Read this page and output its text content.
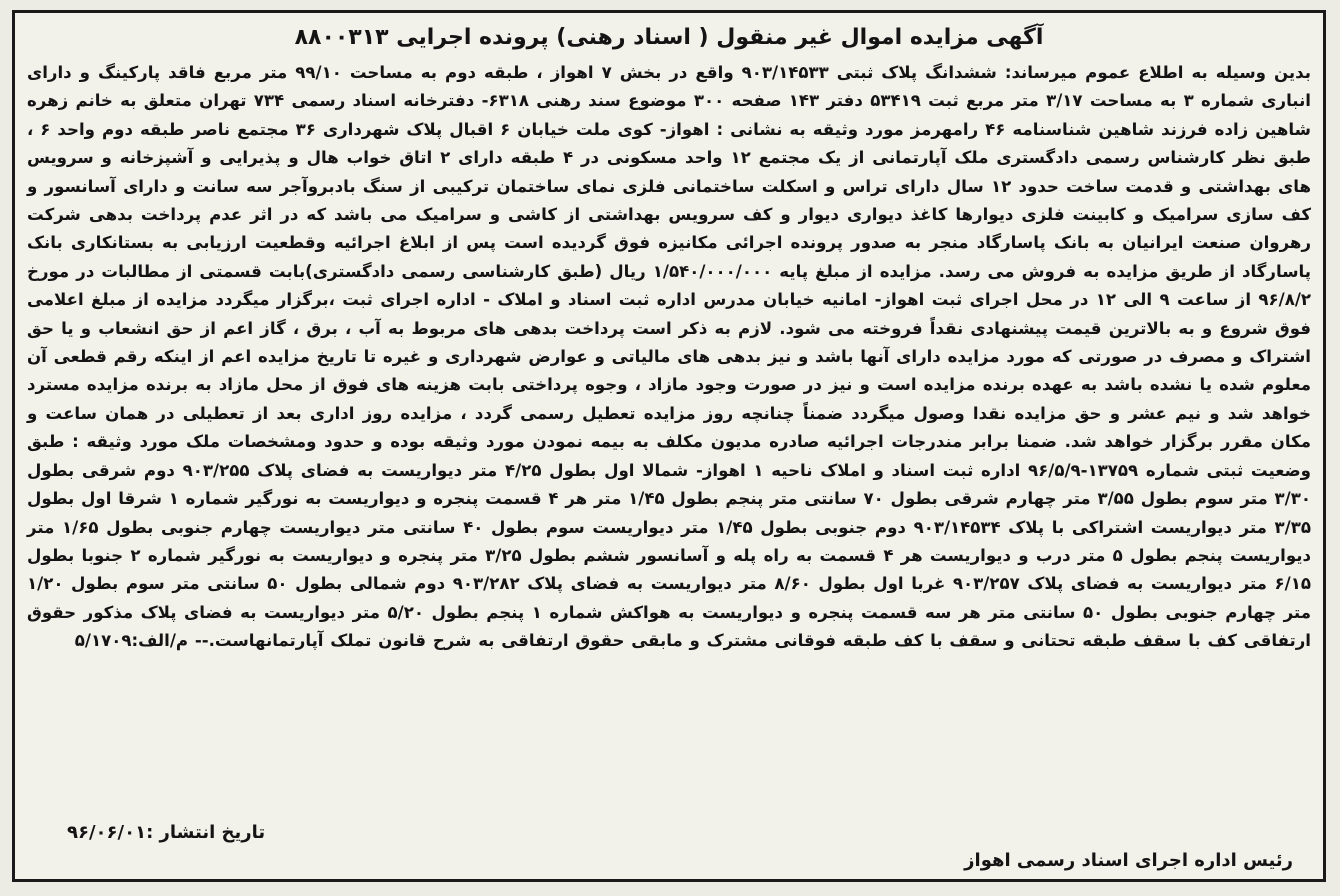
آگهی مزایده اموال غیر منقول ( اسناد رهنی) پرونده اجرایی ۸۸۰۰۳۱۳
بدین وسیله به اطلاع عموم میرساند: ششدانگ پلاک ثبتی ۹۰۳/۱۴۵۳۳ واقع در بخش ۷ اهواز ، طبقه دوم به مساحت ۹۹/۱۰ متر مربع فاقد پارکینگ و دارای انباری شماره ۳ به مساحت ۳/۱۷ متر مربع ثبت ۵۳۴۱۹ دفتر ۱۴۳ صفحه ۳۰۰ موضوع سند رهنی ۶۳۱۸- دفترخانه اسناد رسمی ۷۳۴ تهران متعلق به خانم زهره شاهین زاده فرزند شاهین شناسنامه ۴۶ رامهرمز مورد وثیقه به نشانی : اهواز- کوی ملت خیابان ۶ اقبال پلاک شهرداری ۳۶ مجتمع ناصر طبقه دوم واحد ۶ ، طبق نظر کارشناس رسمی دادگستری ملک آپارتمانی از یک مجتمع ۱۲ واحد مسکونی در ۴ طبقه دارای ۲ اتاق خواب هال و پذیرایی و آشپزخانه و سرویس های بهداشتی و قدمت ساخت حدود ۱۲ سال دارای تراس و اسکلت ساختمانی فلزی نمای ساختمان ترکیبی از سنگ بادبروآجر سه سانت و دارای آسانسور و کف سازی سرامیک و کابینت فلزی دیوارها کاغذ دیواری دیوار و کف سرویس بهداشتی از کاشی و سرامیک می باشد که در اثر عدم پرداخت بدهی شرکت رهروان صنعت ایرانیان به بانک پاسارگاد منجر به صدور پرونده اجرائی مکانیزه فوق گردیده است پس از ابلاغ اجرائیه وقطعیت ارزیابی به بستانکاری بانک پاسارگاد از طریق مزایده به فروش می رسد. مزایده از مبلغ پایه ۱/۵۴۰/۰۰۰/۰۰۰ ریال (طبق کارشناسی رسمی دادگستری)بابت قسمتی از مطالبات در مورخ ۹۶/۸/۲ از ساعت ۹ الی ۱۲ در محل اجرای ثبت اهواز- امانیه خیابان مدرس اداره ثبت اسناد و املاک - اداره اجرای ثبت ،برگزار میگردد مزایده از مبلغ اعلامی فوق شروع و به بالاترین قیمت پیشنهادی نقداً فروخته می شود. لازم به ذکر است پرداخت بدهی های مربوط به آب ، برق ، گاز اعم از حق انشعاب و یا حق اشتراک و مصرف در صورتی که مورد مزایده دارای آنها باشد و نیز بدهی های مالیاتی و عوارض شهرداری و غیره تا تاریخ مزایده اعم از اینکه رقم قطعی آن معلوم شده یا نشده باشد به عهده برنده مزایده است و نیز در صورت وجود مازاد ، وجوه پرداختی بابت هزینه های فوق از محل مازاد به برنده مزایده مسترد خواهد شد و نیم عشر و حق مزایده نقدا وصول میگردد ضمناً چنانچه روز مزایده تعطیل رسمی گردد ، مزایده روز اداری بعد از تعطیلی در همان ساعت و مکان مقرر برگزار خواهد شد. ضمنا برابر مندرجات اجرائیه صادره مدیون مکلف به بیمه نمودن مورد وثیقه بوده و حدود ومشخصات ملک مورد وثیقه : طبق وضعیت ثبتی شماره ۱۳۷۵۹-۹۶/۵/۹ اداره ثبت اسناد و املاک ناحیه ۱ اهواز- شمالا اول بطول ۴/۲۵ متر دیواریست به فضای پلاک ۹۰۳/۲۵۵ دوم شرقی بطول ۳/۳۰ متر سوم بطول ۳/۵۵ متر چهارم شرقی بطول ۷۰ سانتی متر پنجم بطول ۱/۴۵ متر هر ۴ قسمت پنجره و دیواریست به نورگیر شماره ۱ شرقا اول بطول ۳/۳۵ متر دیواریست اشتراکی با پلاک ۹۰۳/۱۴۵۳۴ دوم جنوبی بطول ۱/۴۵ متر دیواریست سوم بطول ۴۰ سانتی متر دیواریست چهارم جنوبی بطول ۱/۶۵ متر دیواریست پنجم بطول ۵ متر درب و دیواریست هر ۴ قسمت به راه پله و آسانسور ششم بطول ۳/۲۵ متر پنجره و دیواریست به نورگیر شماره ۲ جنوبا بطول ۶/۱۵ متر دیواریست به فضای پلاک ۹۰۳/۲۵۷ غربا اول بطول ۸/۶۰ متر دیواریست به فضای پلاک ۹۰۳/۲۸۲ دوم شمالی بطول ۵۰ سانتی متر سوم بطول ۱/۲۰ متر چهارم جنوبی بطول ۵۰ سانتی متر هر سه قسمت پنجره و دیواریست به هواکش شماره ۱ پنجم بطول ۵/۲۰ متر دیواریست به فضای پلاک مذکور حقوق ارتفاقی کف با سقف طبقه تحتانی و سقف با کف طبقه فوقانی مشترک و مابقی حقوق ارتفاقی به شرح قانون تملک آپارتمانهاست.-- م/الف:۵/۱۷۰۹
تاریخ انتشار :۹۶/۰۶/۰۱
رئیس اداره اجرای اسناد رسمی اهواز
